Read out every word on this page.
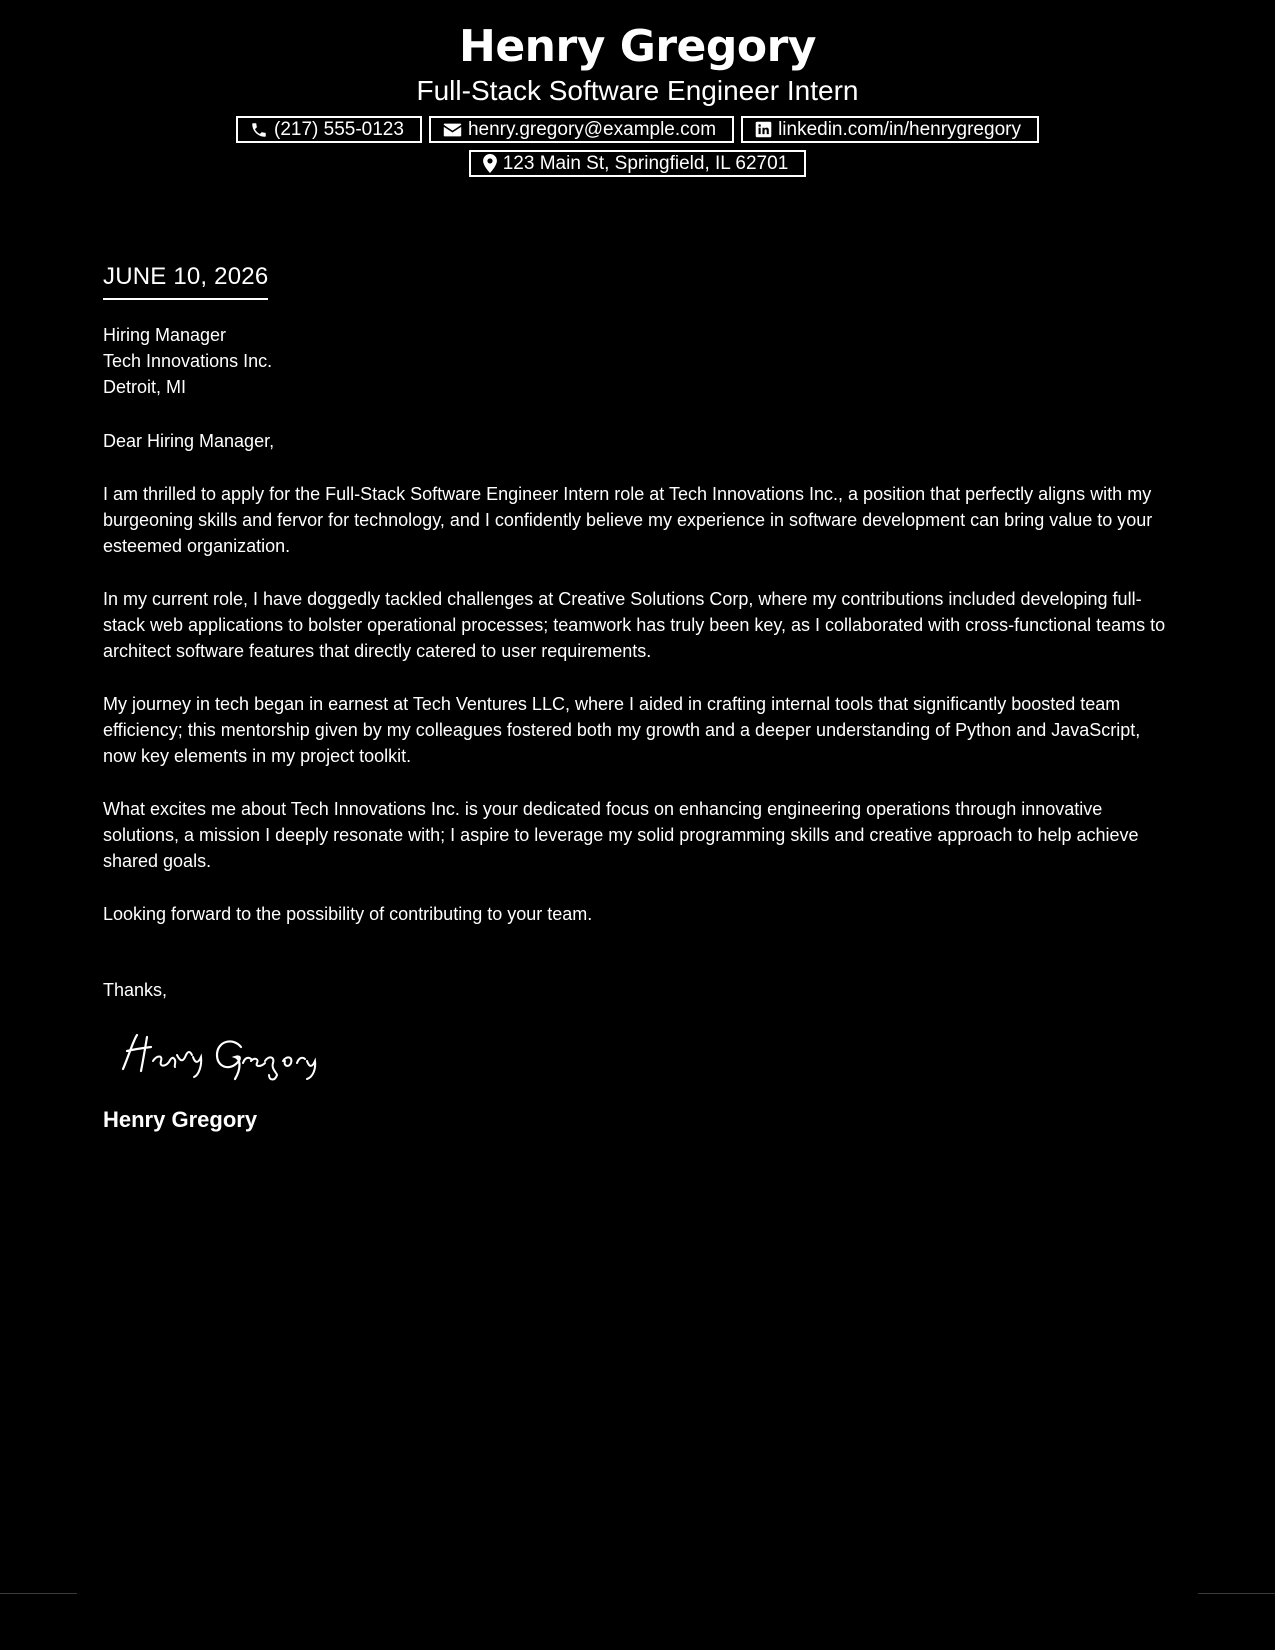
Henry Gregory
Full-Stack Software Engineer Intern
(217) 555-0123	henry.gregory@example.com	linkedin.com/in/henrygregory
123 Main St, Springfield, IL 62701
JUNE 10, 2026
Hiring Manager
Tech Innovations Inc.
Detroit, MI
Dear Hiring Manager,
I am thrilled to apply for the Full-Stack Software Engineer Intern role at Tech Innovations Inc., a position that perfectly aligns with my burgeoning skills and fervor for technology, and I confidently believe my experience in software development can bring value to your esteemed organization.
In my current role, I have doggedly tackled challenges at Creative Solutions Corp, where my contributions included developing full-stack web applications to bolster operational processes; teamwork has truly been key, as I collaborated with cross-functional teams to architect software features that directly catered to user requirements.
My journey in tech began in earnest at Tech Ventures LLC, where I aided in crafting internal tools that significantly boosted team efficiency; this mentorship given by my colleagues fostered both my growth and a deeper understanding of Python and JavaScript, now key elements in my project toolkit.
What excites me about Tech Innovations Inc. is your dedicated focus on enhancing engineering operations through innovative solutions, a mission I deeply resonate with; I aspire to leverage my solid programming skills and creative approach to help achieve shared goals.
Looking forward to the possibility of contributing to your team.
Thanks,
Henry Gregory
